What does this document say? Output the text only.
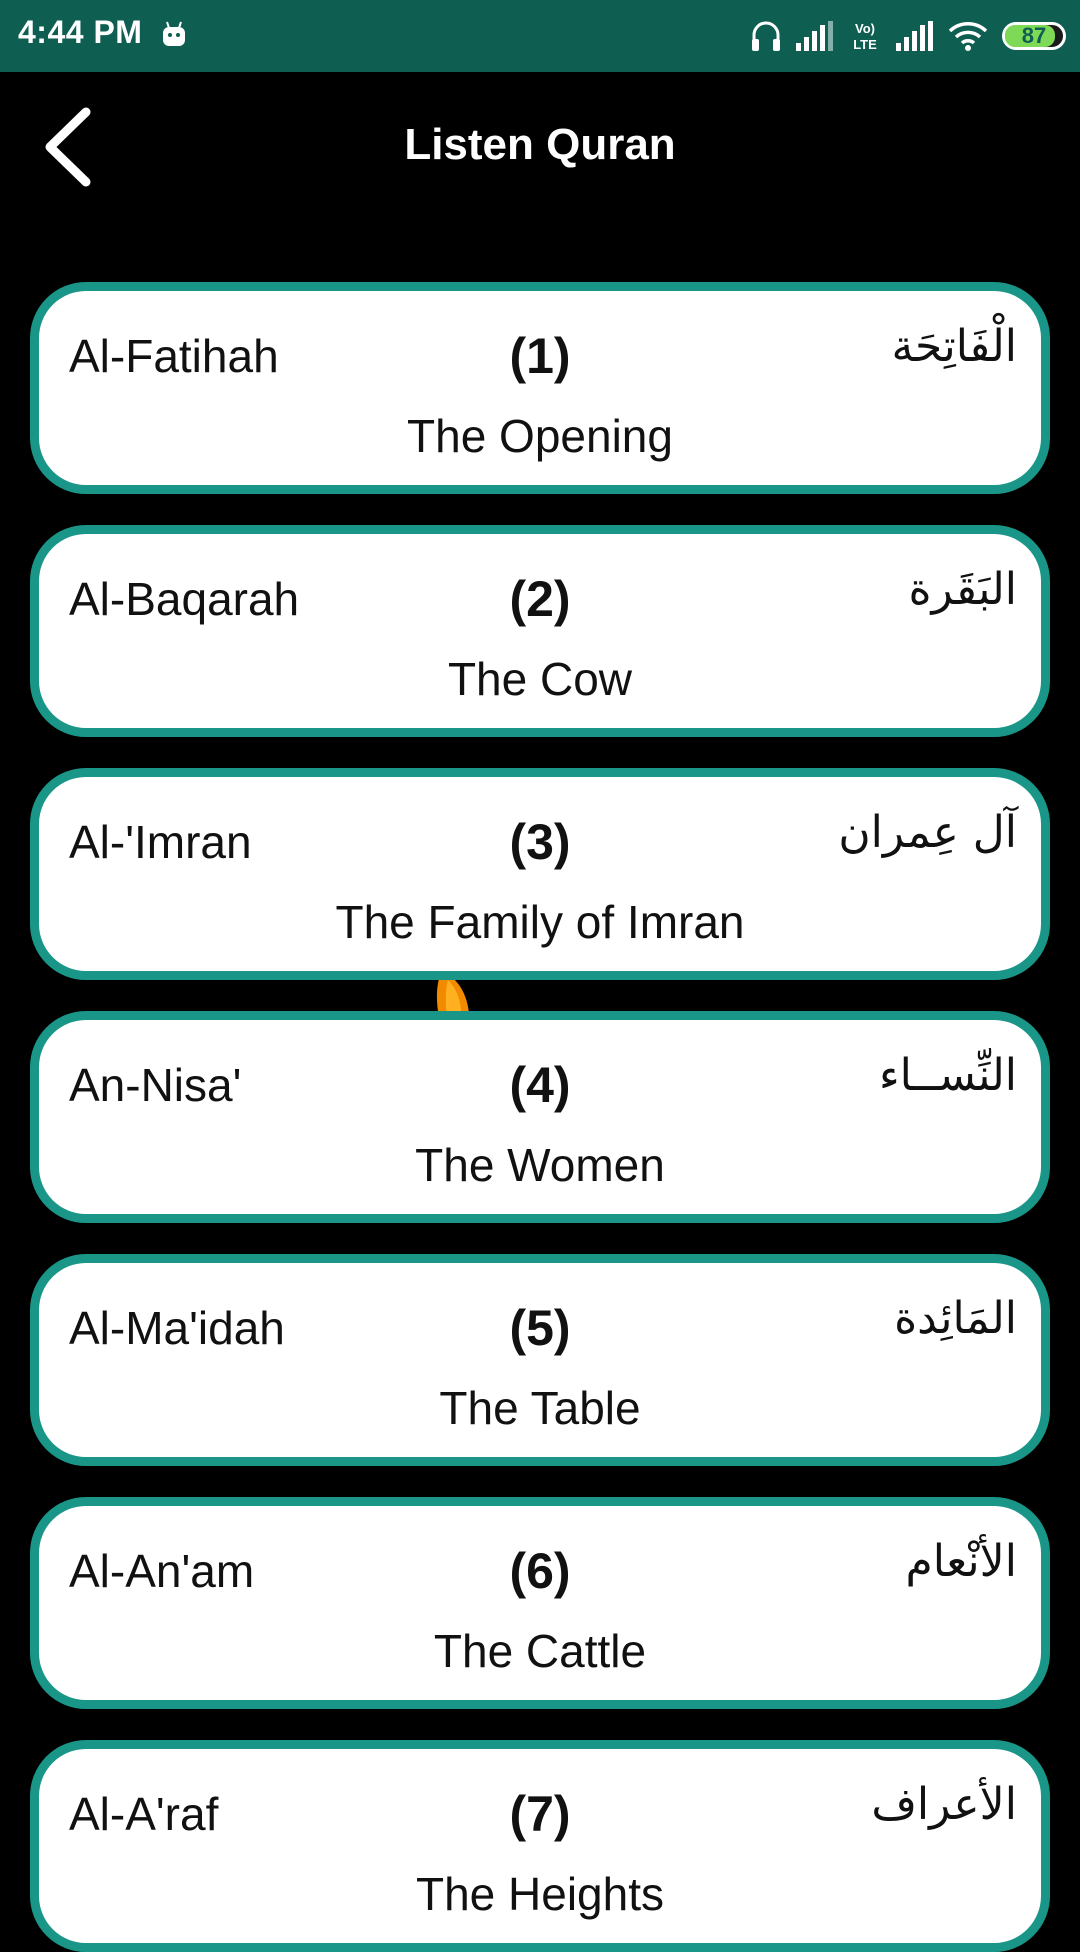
4:44 PM	Vo)
LTE	87
Listen Quran
Al-Fatihah	(1)	الْفَاتِحَة
The Opening
Al-Baqarah	(2)	البَقَرة
The Cow
Al-'Imran	(3)	آل عِمران
The Family of Imran
An-Nisa'	(4)	النِّســاء
The Women
Al-Ma'idah	(5)	المَائِدة
The Table
Al-An'am	(6)	الأنْعام
The Cattle
Al-A'raf	(7)	الأعراف
The Heights
